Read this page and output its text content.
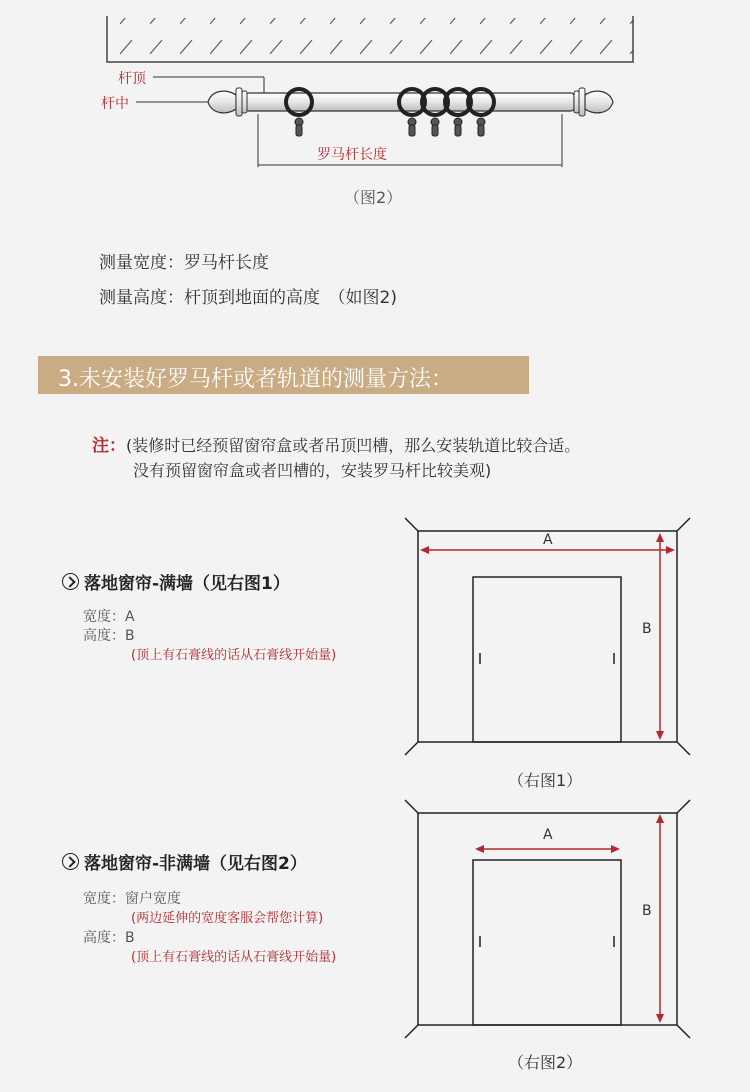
杆顶
杆中
罗马杆长度
（图2）
测量宽度：罗马杆长度
测量高度：杆顶到地面的高度　（如图2)
3.未安装好罗马杆或者轨道的测量方法：
注： (装修时已经预留窗帘盒或者吊顶凹槽，那么安装轨道比较合适。
没有预留窗帘盒或者凹槽的，安装罗马杆比较美观)
落地窗帘-满墙（见右图1）
宽度：A
高度：B
(顶上有石膏线的话从石膏线开始量)
A
B
（右图1）
落地窗帘-非满墙（见右图2）
宽度：窗户宽度
(两边延伸的宽度客服会帮您计算)
高度：B
(顶上有石膏线的话从石膏线开始量)
A
B
（右图2）
